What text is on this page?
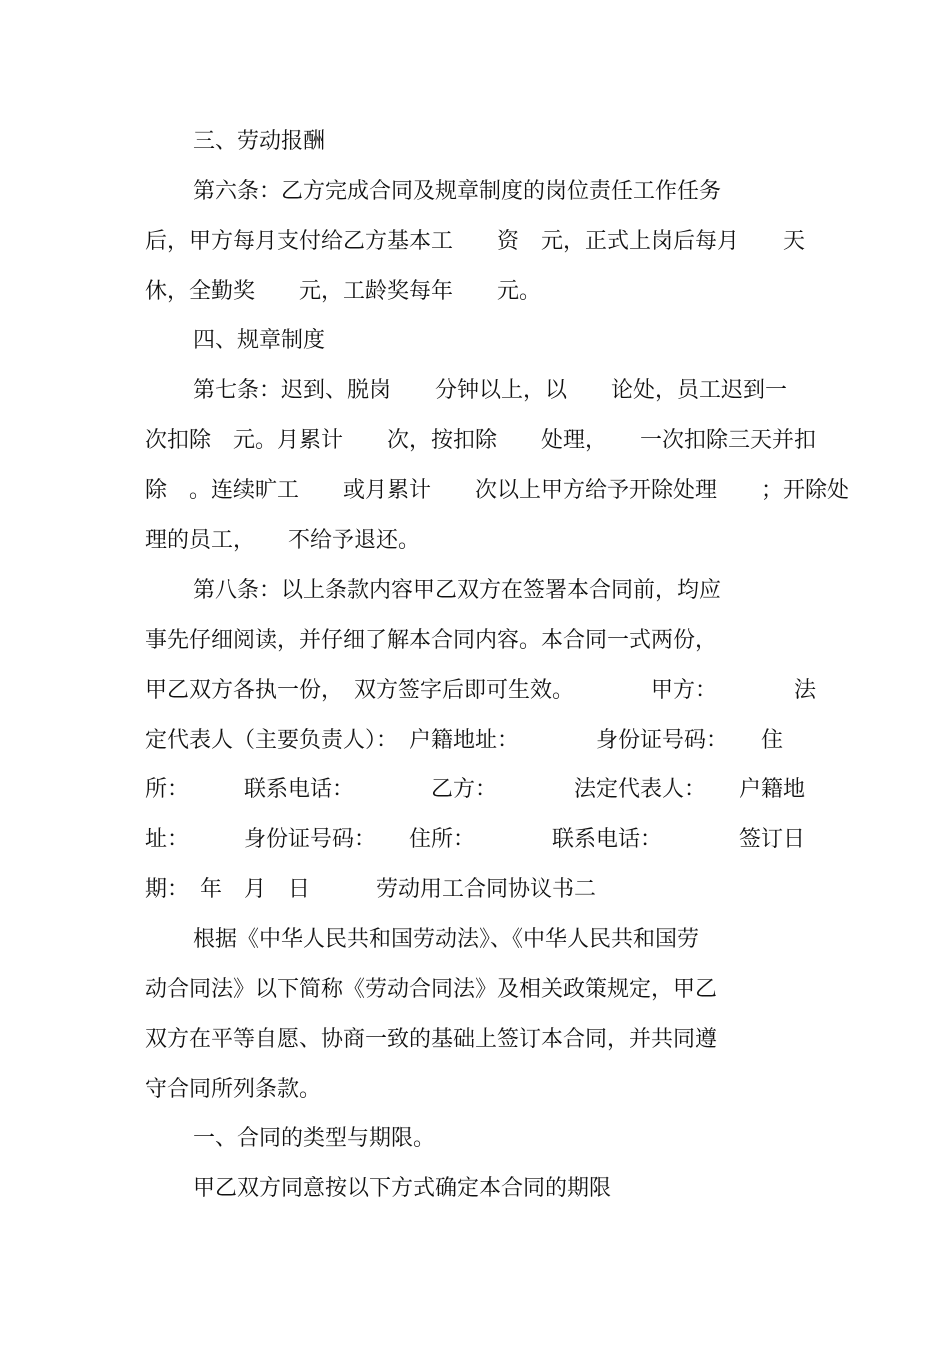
三、劳动报酬
第六条：乙方完成合同及规章制度的岗位责任工作任务
后，甲方每月支付给乙方基本工　　资　元，正式上岗后每月　　天
休，全勤奖　　元，工龄奖每年　　元。
四、规章制度
第七条：迟到、脱岗　　分钟以上，以　　论处，员工迟到一
次扣除　元。月累计　　次，按扣除　　处理，　　一次扣除三天并扣
除　。连续旷工　　或月累计　　次以上甲方给予开除处理　　；开除处
理的员工，　　不给予退还。
第八条：以上条款内容甲乙双方在签署本合同前，均应
事先仔细阅读，并仔细了解本合同内容。本合同一式两份，
甲乙双方各执一份，　双方签字后即可生效。　　　　甲方：　　　　法
定代表人（主要负责人）：　户籍地址：　　　　身份证号码：　　住
所：　　　联系电话：　　　　乙方：　　　　法定代表人：　　户籍地
址：　　　身份证号码：　　住所：　　　　联系电话：　　　　签订日
期：　年　月　日　　　劳动用工合同协议书二
根据《中华人民共和国劳动法》、《中华人民共和国劳
动合同法》以下简称《劳动合同法》及相关政策规定，甲乙
双方在平等自愿、协商一致的基础上签订本合同，并共同遵
守合同所列条款。
一、合同的类型与期限。
甲乙双方同意按以下方式确定本合同的期限
